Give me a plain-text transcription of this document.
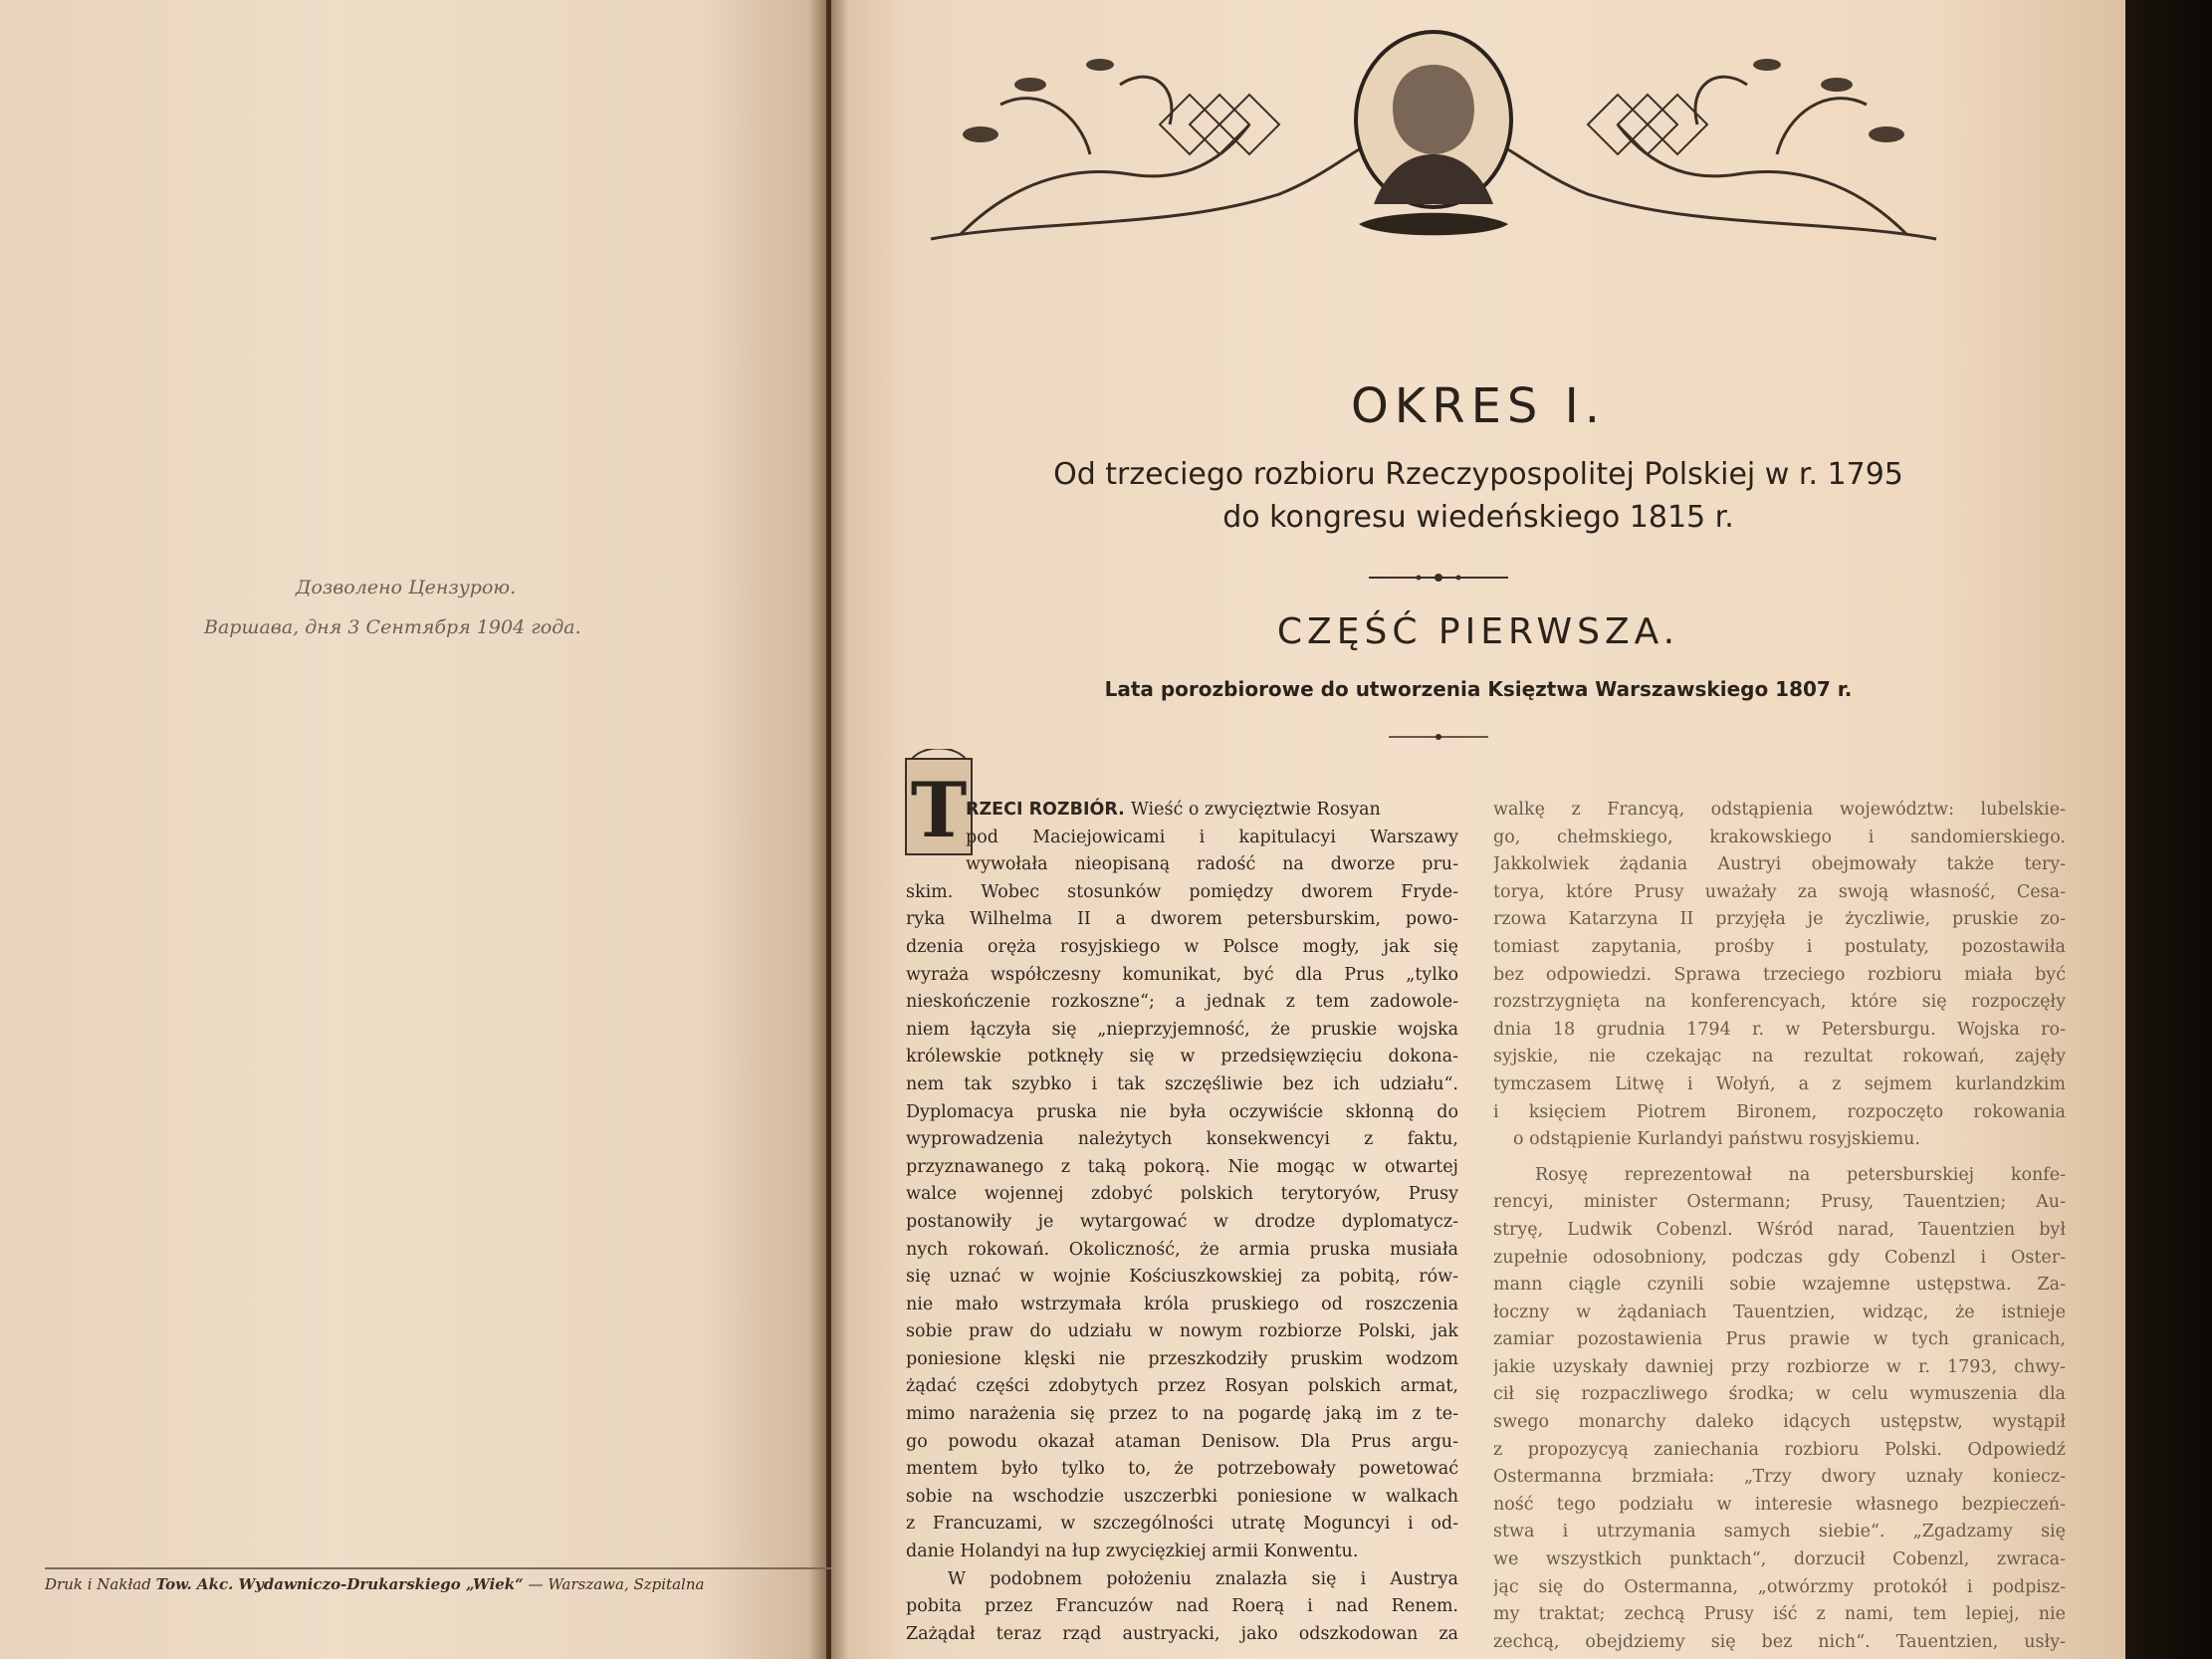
Дозволено Цензурою.
Варшава, дня 3 Сентября 1904 года.
Druk i Nakład Tow. Akc. Wydawniczo-Drukarskiego „Wiek“ — Warszawa, Szpitalna
OKRES I.
Od trzeciego rozbioru Rzeczypospolitej Polskiej w r. 1795
do kongresu wiedeńskiego 1815 r.
CZĘŚĆ PIERWSZA.
Lata porozbiorowe do utworzenia Księztwa Warszawskiego 1807 r.
T
RZECI ROZBIÓR. Wieść o zwycięztwie Rosyan
pod Maciejowicami i kapitulacyi Warszawy
wywołała nieopisaną radość na dworze pru-
skim. Wobec stosunków pomiędzy dworem Fryde-
ryka Wilhelma II a dworem petersburskim, powo-
dzenia oręża rosyjskiego w Polsce mogły, jak się
wyraża współczesny komunikat, być dla Prus „tylko
nieskończenie rozkoszne“; a jednak z tem zadowole-
niem łączyła się „nieprzyjemność, że pruskie wojska
królewskie potknęły się w przedsięwzięciu dokona-
nem tak szybko i tak szczęśliwie bez ich udziału“.
Dyplomacya pruska nie była oczywiście skłonną do
wyprowadzenia należytych konsekwencyi z faktu,
przyznawanego z taką pokorą. Nie mogąc w otwartej
walce wojennej zdobyć polskich terytoryów, Prusy
postanowiły je wytargować w drodze dyplomatycz-
nych rokowań. Okoliczność, że armia pruska musiała
się uznać w wojnie Kościuszkowskiej za pobitą, rów-
nie mało wstrzymała króla pruskiego od roszczenia
sobie praw do udziału w nowym rozbiorze Polski, jak
poniesione klęski nie przeszkodziły pruskim wodzom
żądać części zdobytych przez Rosyan polskich armat,
mimo narażenia się przez to na pogardę jaką im z te-
go powodu okazał ataman Denisow. Dla Prus argu-
mentem było tylko to, że potrzebowały powetować
sobie na wschodzie uszczerbki poniesione w walkach
z Francuzami, w szczególności utratę Moguncyi i od-
danie Holandyi na łup zwycięzkiej armii Konwentu.
W podobnem położeniu znalazła się i Austrya
pobita przez Francuzów nad Roerą i nad Renem.
Zażądał teraz rząd austryacki, jako odszkodowan za
walkę z Francyą, odstąpienia województw: lubelskie-
go, chełmskiego, krakowskiego i sandomierskiego.
Jakkolwiek żądania Austryi obejmowały także tery-
torya, które Prusy uważały za swoją własność, Cesa-
rzowa Katarzyna II przyjęła je życzliwie, pruskie zo-
tomiast zapytania, prośby i postulaty, pozostawiła
bez odpowiedzi. Sprawa trzeciego rozbioru miała być
rozstrzygnięta na konferencyach, które się rozpoczęły
dnia 18 grudnia 1794 r. w Petersburgu. Wojska ro-
syjskie, nie czekając na rezultat rokowań, zajęły
tymczasem Litwę i Wołyń, a z sejmem kurlandzkim
i księciem Piotrem Bironem, rozpoczęto rokowania
o odstąpienie Kurlandyi państwu rosyjskiemu.
Rosyę reprezentował na petersburskiej konfe-
rencyi, minister Ostermann; Prusy, Tauentzien; Au-
stryę, Ludwik Cobenzl. Wśród narad, Tauentzien był
zupełnie odosobniony, podczas gdy Cobenzl i Oster-
mann ciągle czynili sobie wzajemne ustępstwa. Za-
łoczny w żądaniach Tauentzien, widząc, że istnieje
zamiar pozostawienia Prus prawie w tych granicach,
jakie uzyskały dawniej przy rozbiorze w r. 1793, chwy-
cił się rozpaczliwego środka; w celu wymuszenia dla
swego monarchy daleko idących ustępstw, wystąpił
z propozycyą zaniechania rozbioru Polski. Odpowiedź
Ostermanna brzmiała: „Trzy dwory uznały koniecz-
ność tego podziału w interesie własnego bezpieczeń-
stwa i utrzymania samych siebie“. „Zgadzamy się
we wszystkich punktach“, dorzucił Cobenzl, zwraca-
jąc się do Ostermanna, „otwórzmy protokół i podpisz-
my traktat; zechcą Prusy iść z nami, tem lepiej, nie
zechcą, obejdziemy się bez nich“. Tauentzien, usły-
